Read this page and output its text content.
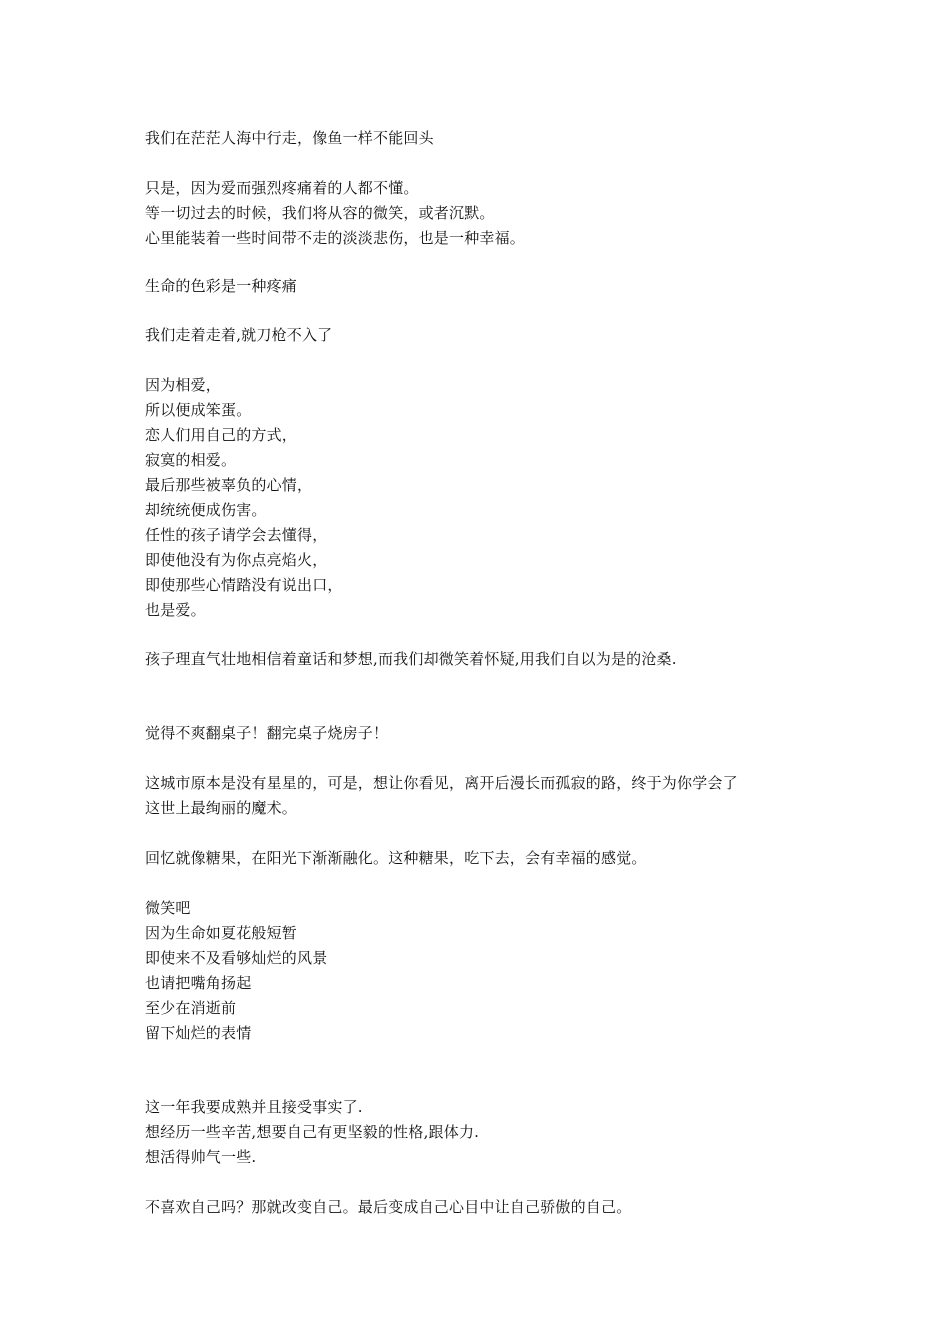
我们在茫茫人海中行走，像鱼一样不能回头
只是，因为爱而强烈疼痛着的人都不懂。
等一切过去的时候，我们将从容的微笑，或者沉默。
心里能装着一些时间带不走的淡淡悲伤，也是一种幸福。
生命的色彩是一种疼痛
我们走着走着,就刀枪不入了
因为相爱，
所以便成笨蛋。
恋人们用自己的方式，
寂寞的相爱。
最后那些被辜负的心情，
却统统便成伤害。
任性的孩子请学会去懂得，
即使他没有为你点亮焰火，
即使那些心情踏没有说出口，
也是爱。
孩子理直气壮地相信着童话和梦想,而我们却微笑着怀疑,用我们自以为是的沧桑.
觉得不爽翻桌子！翻完桌子烧房子！
这城市原本是没有星星的，可是，想让你看见，离开后漫长而孤寂的路，终于为你学会了
这世上最绚丽的魔术。
回忆就像糖果，在阳光下渐渐融化。这种糖果，吃下去，会有幸福的感觉。
微笑吧
因为生命如夏花般短暂
即使来不及看够灿烂的风景
也请把嘴角扬起
至少在消逝前
留下灿烂的表情
这一年我要成熟并且接受事实了.
想经历一些辛苦,想要自己有更坚毅的性格,跟体力.
想活得帅气一些.
不喜欢自己吗？那就改变自己。最后变成自己心目中让自己骄傲的自己。
